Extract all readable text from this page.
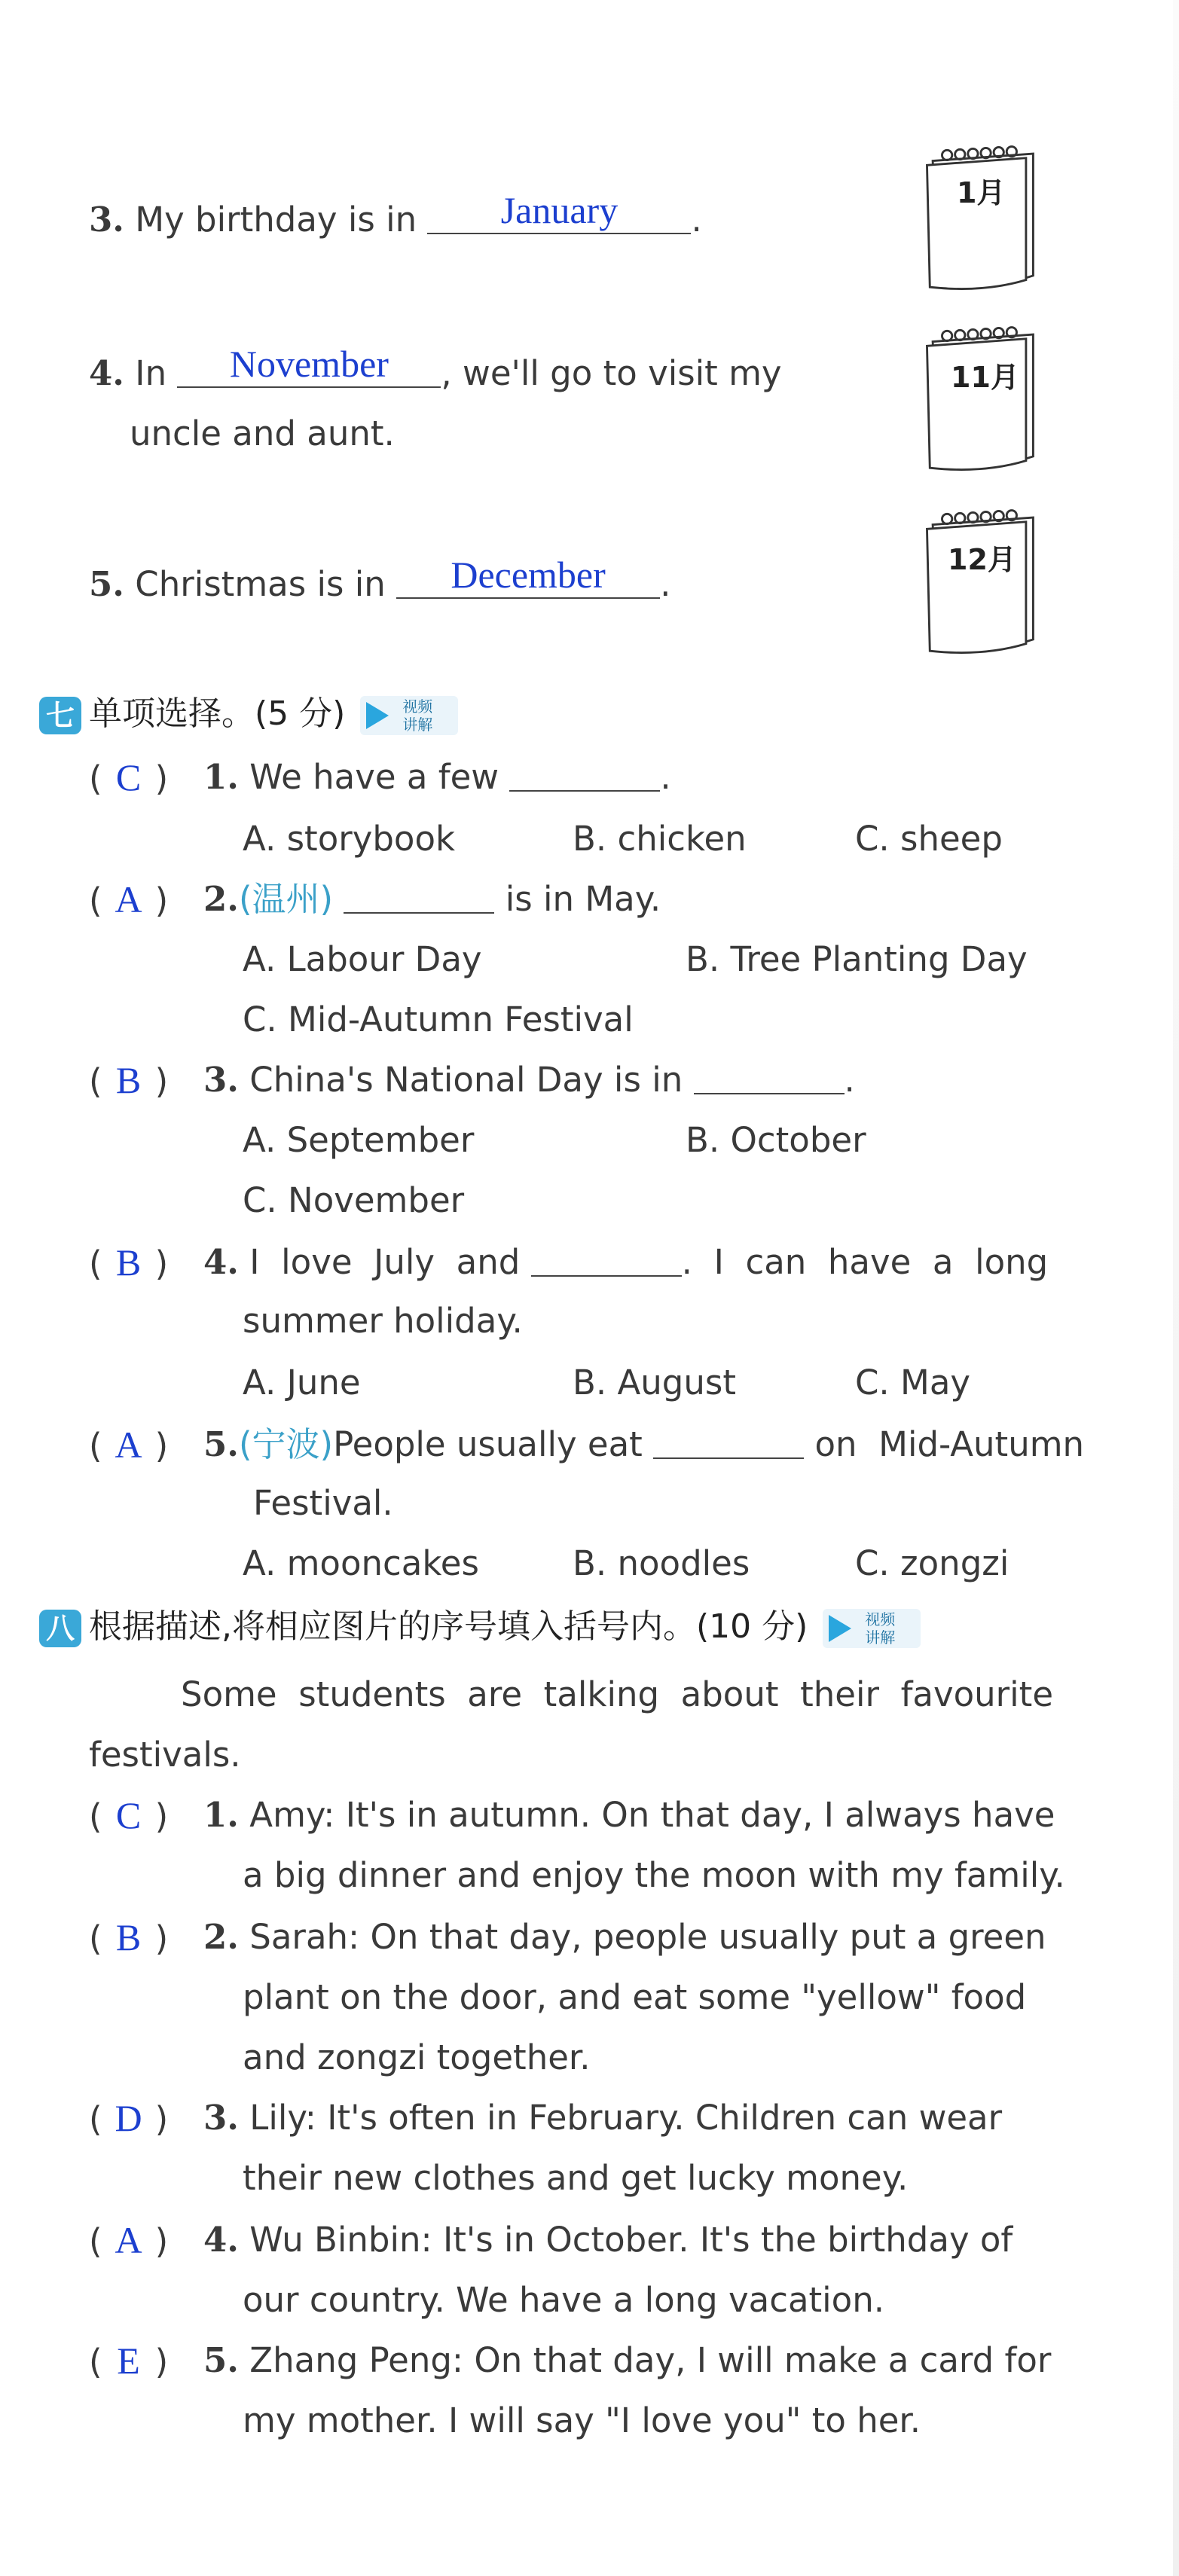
3. My birthday is in	January	.
1月
4. In	November	, we'll go to visit my
uncle and aunt.
11月
5. Christmas is in	December	.
12月
七 单项选择。(5 分)	视频
讲解
( C ) 1. We have a few	.
A. storybook	B. chicken	C. sheep
( A ) 2.(温州)	is in May.
A. Labour Day	B. Tree Planting Day
C. Mid-Autumn Festival
( B ) 3. China's National Day is in	.
A. September	B. October
C. November
( B ) 4. I  love  July  and	.  I  can  have  a  long
summer holiday.
A. June	B. August	C. May
( A ) 5.(宁波)People usually eat	on  Mid-Autumn
Festival.
A. mooncakes	B. noodles	C. zongzi
八 根据描述,将相应图片的序号填入括号内。(10 分)	视频
讲解
Some  students  are  talking  about  their  favourite
festivals.
( C ) 1. Amy: It's in autumn. On that day, I always have
a big dinner and enjoy the moon with my family.
( B ) 2. Sarah: On that day, people usually put a green
plant on the door, and eat some "yellow" food
and zongzi together.
( D ) 3. Lily: It's often in February. Children can wear
their new clothes and get lucky money.
( A ) 4. Wu Binbin: It's in October. It's the birthday of
our country. We have a long vacation.
( E ) 5. Zhang Peng: On that day, I will make a card for
my mother. I will say "I love you" to her.
